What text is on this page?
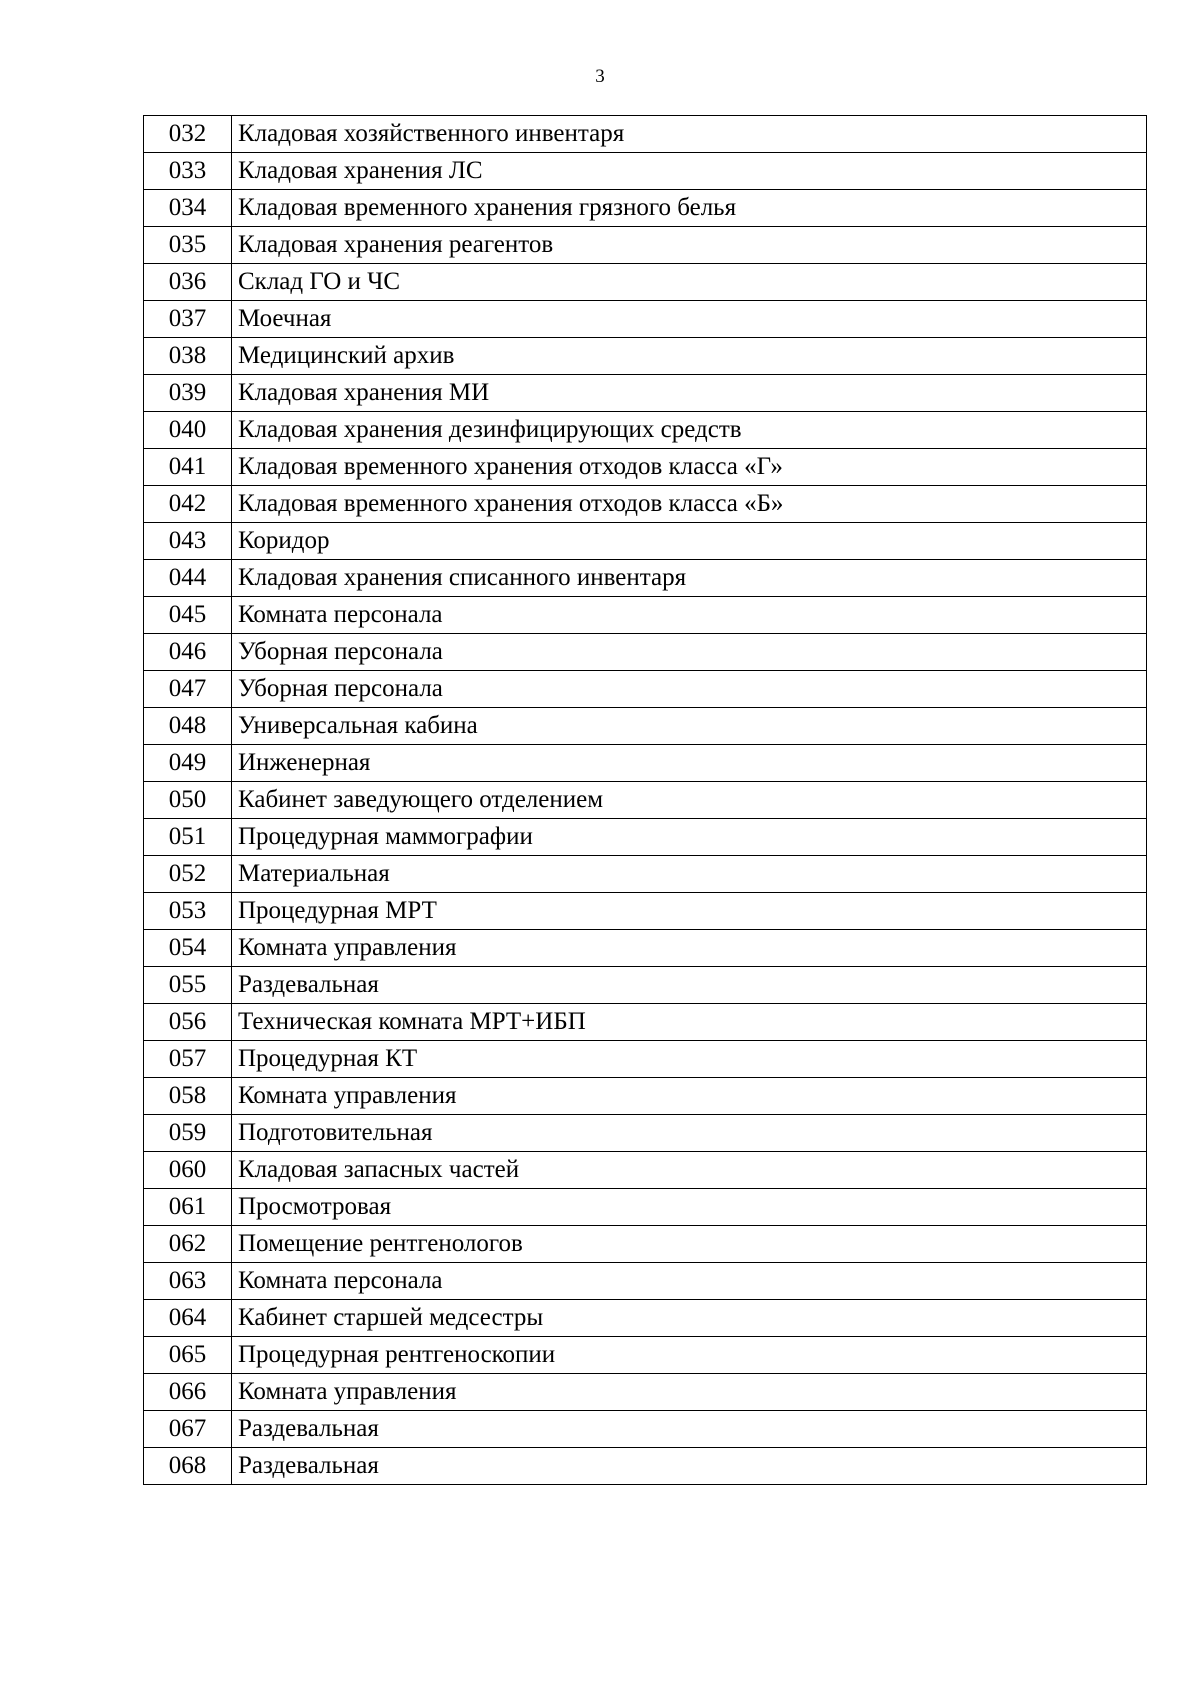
3
032	Кладовая хозяйственного инвентаря
033	Кладовая хранения ЛС
034	Кладовая временного хранения грязного белья
035	Кладовая хранения реагентов
036	Склад ГО и ЧС
037	Моечная
038	Медицинский архив
039	Кладовая хранения МИ
040	Кладовая хранения дезинфицирующих средств
041	Кладовая временного хранения отходов класса «Г»
042	Кладовая временного хранения отходов класса «Б»
043	Коридор
044	Кладовая хранения списанного инвентаря
045	Комната персонала
046	Уборная персонала
047	Уборная персонала
048	Универсальная кабина
049	Инженерная
050	Кабинет заведующего отделением
051	Процедурная маммографии
052	Материальная
053	Процедурная МРТ
054	Комната управления
055	Раздевальная
056	Техническая комната МРТ+ИБП
057	Процедурная КТ
058	Комната управления
059	Подготовительная
060	Кладовая запасных частей
061	Просмотровая
062	Помещение рентгенологов
063	Комната персонала
064	Кабинет старшей медсестры
065	Процедурная рентгеноскопии
066	Комната управления
067	Раздевальная
068	Раздевальная
